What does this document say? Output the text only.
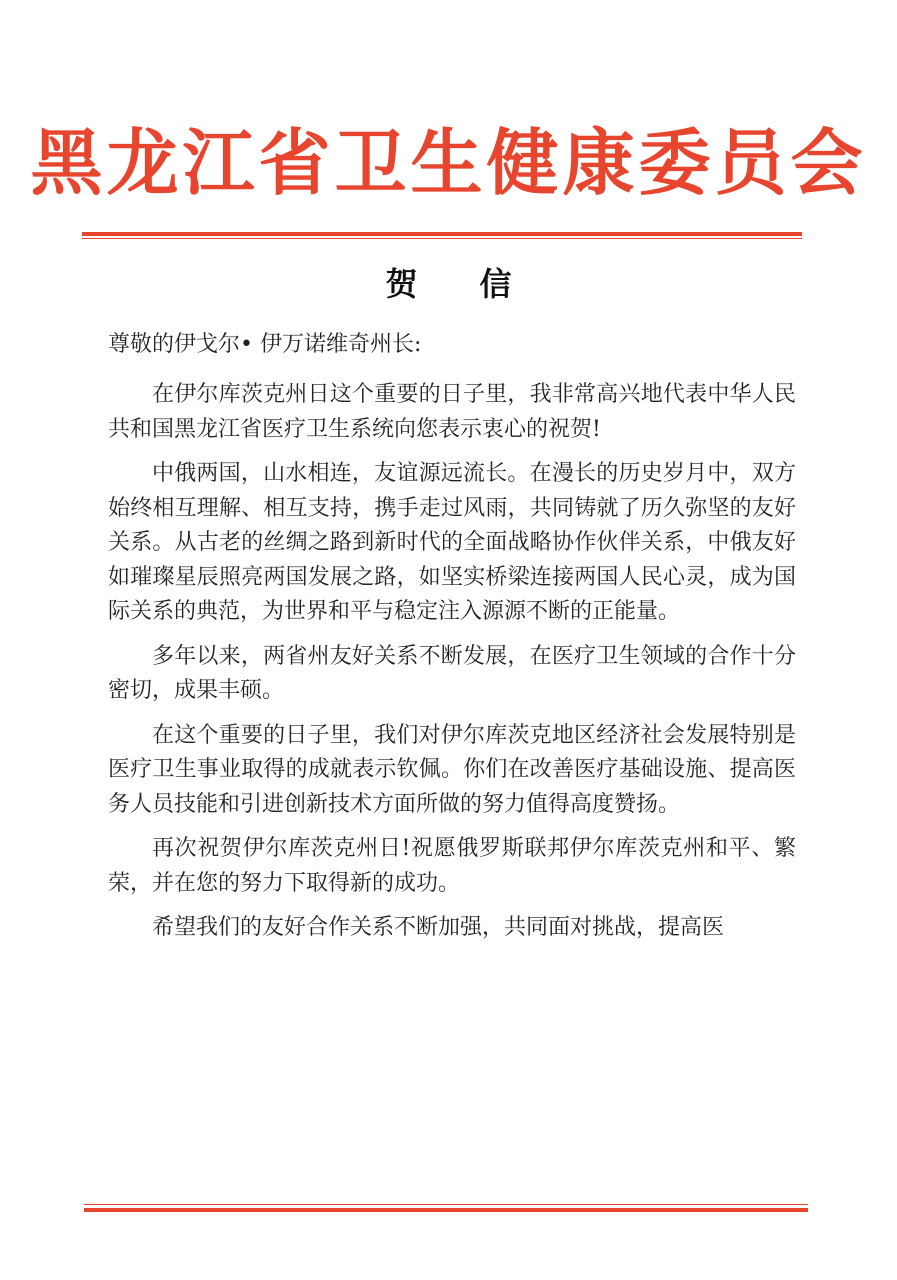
黑龙江省卫生健康委员会
贺信
尊敬的伊戈尔• 伊万诺维奇州长:

在伊尔库茨克州日这个重要的日子里，我非常高兴地代表中华人民共和国黑龙江省医疗卫生系统向您表示衷心的祝贺!

中俄两国，山水相连，友谊源远流长。在漫长的历史岁月中，双方始终相互理解、相互支持，携手走过风雨，共同铸就了历久弥坚的友好关系。从古老的丝绸之路到新时代的全面战略协作伙伴关系，中俄友好如璀璨星辰照亮两国发展之路，如坚实桥梁连接两国人民心灵，成为国际关系的典范，为世界和平与稳定注入源源不断的正能量。

多年以来，两省州友好关系不断发展，在医疗卫生领域的合作十分密切，成果丰硕。

在这个重要的日子里，我们对伊尔库茨克地区经济社会发展特别是医疗卫生事业取得的成就表示钦佩。你们在改善医疗基础设施、提高医务人员技能和引进创新技术方面所做的努力值得高度赞扬。

再次祝贺伊尔库茨克州日!祝愿俄罗斯联邦伊尔库茨克州和平、繁荣，并在您的努力下取得新的成功。

希望我们的友好合作关系不断加强，共同面对挑战，提高医
